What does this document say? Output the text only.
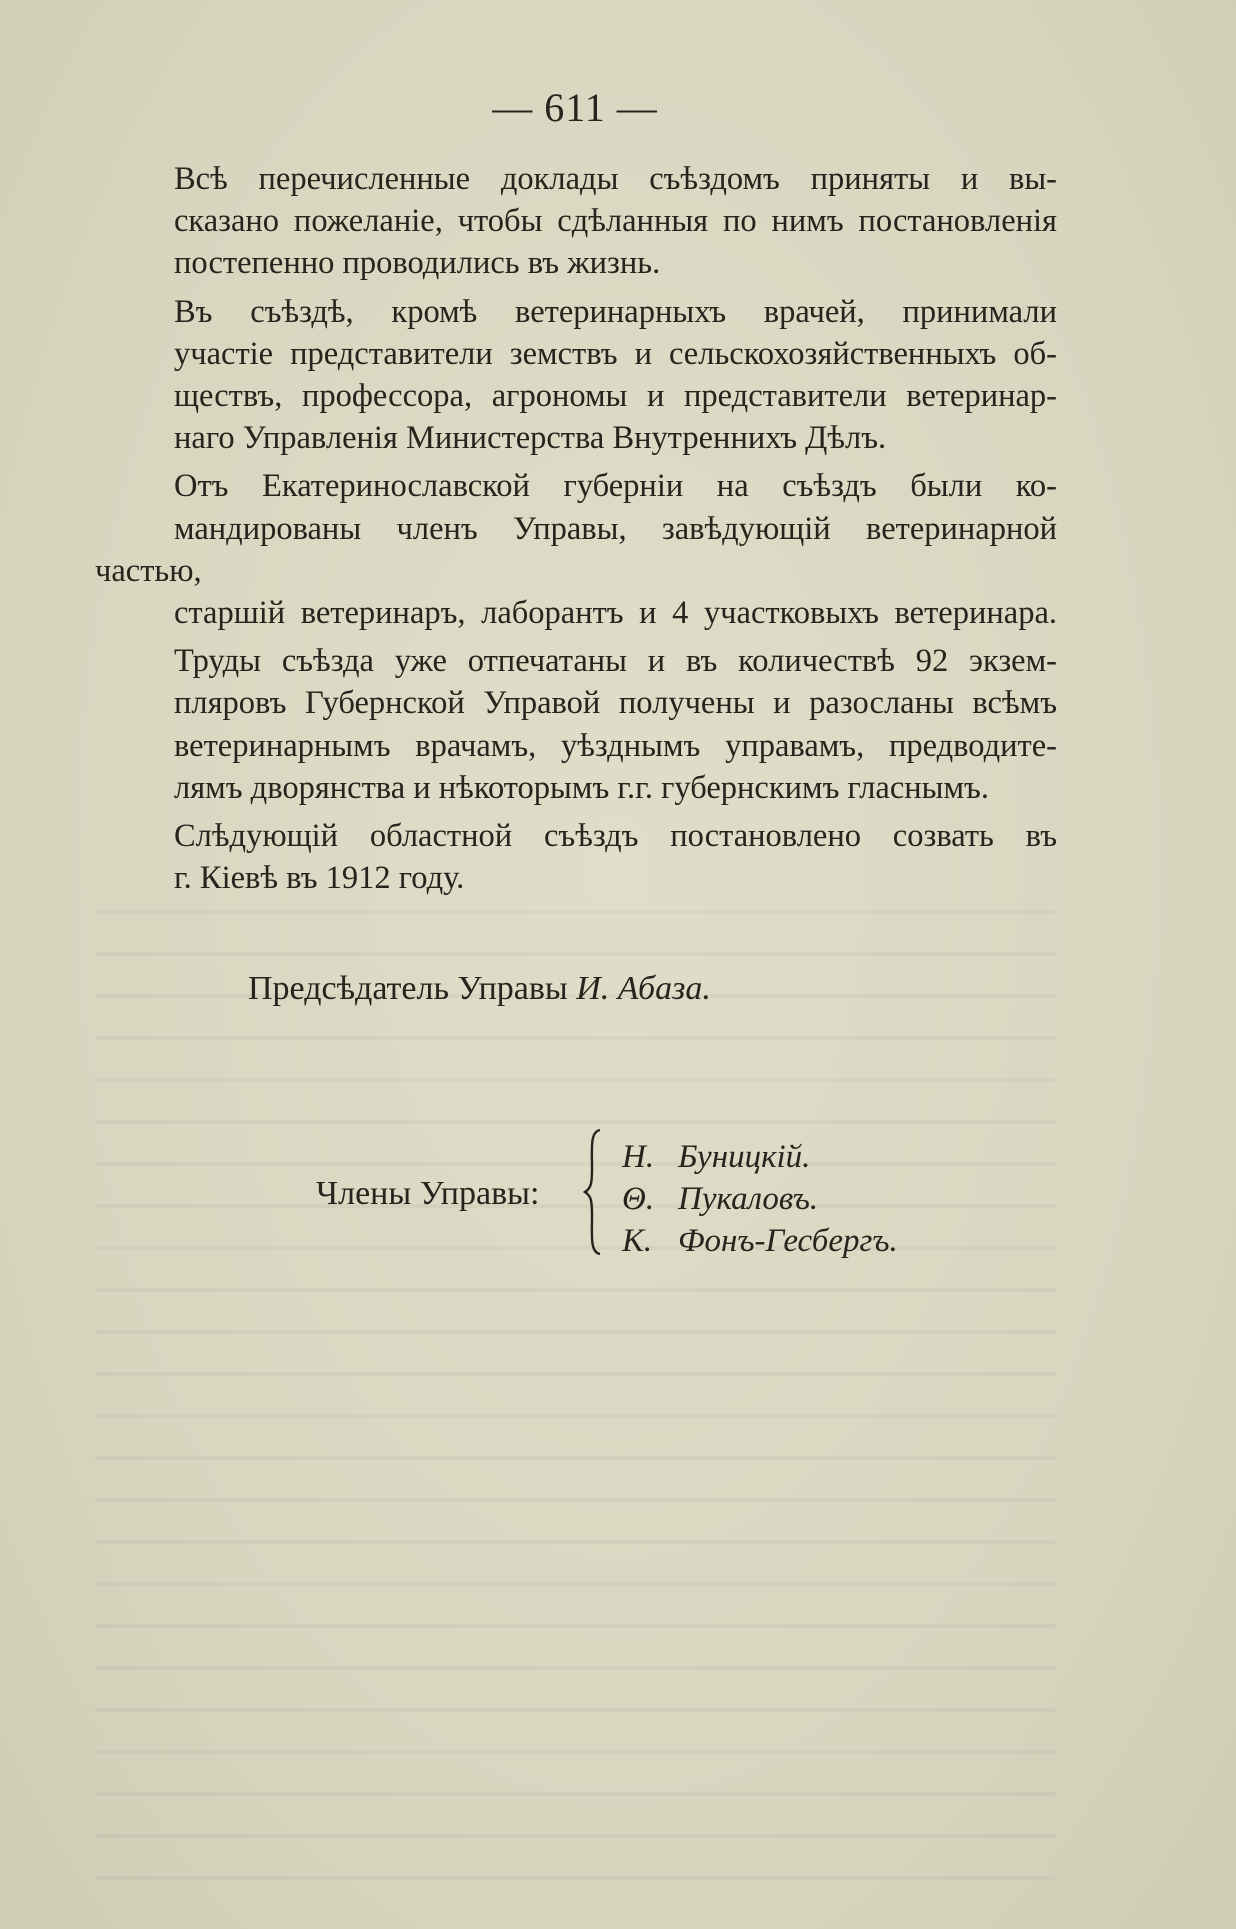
— 611 —

Всѣ перечисленные доклады съѣздомъ приняты и вы-
сказано пожеланіе, чтобы сдѣланныя по нимъ постановленія
постепенно проводились въ жизнь.

Въ съѣздѣ, кромѣ ветеринарныхъ врачей, принимали
участіе представители земствъ и сельскохозяйственныхъ об-
ществъ, профессора, агрономы и представители ветеринар-
наго Управленія Министерства Внутреннихъ Дѣлъ.

Отъ Екатеринославской губерніи на съѣздъ были ко-
мандированы членъ Управы, завѣдующій ветеринарной частью,
старшій ветеринаръ, лаборантъ и 4 участковыхъ ветеринара.

Труды съѣзда уже отпечатаны и въ количествѣ 92 экзем-
пляровъ Губернской Управой получены и разосланы всѣмъ
ветеринарнымъ врачамъ, уѣзднымъ управамъ, предводите-
лямъ дворянства и нѣкоторымъ г.г. губернскимъ гласнымъ.

Слѣдующій областной съѣздъ постановлено созвать въ
г. Кіевѣ въ 1912 году.

Предсѣдатель Управы И. Абаза.
Члены Управы:
Н. Буницкій.
Θ. Пукаловъ.
К. Фонъ-Гесбергъ.
